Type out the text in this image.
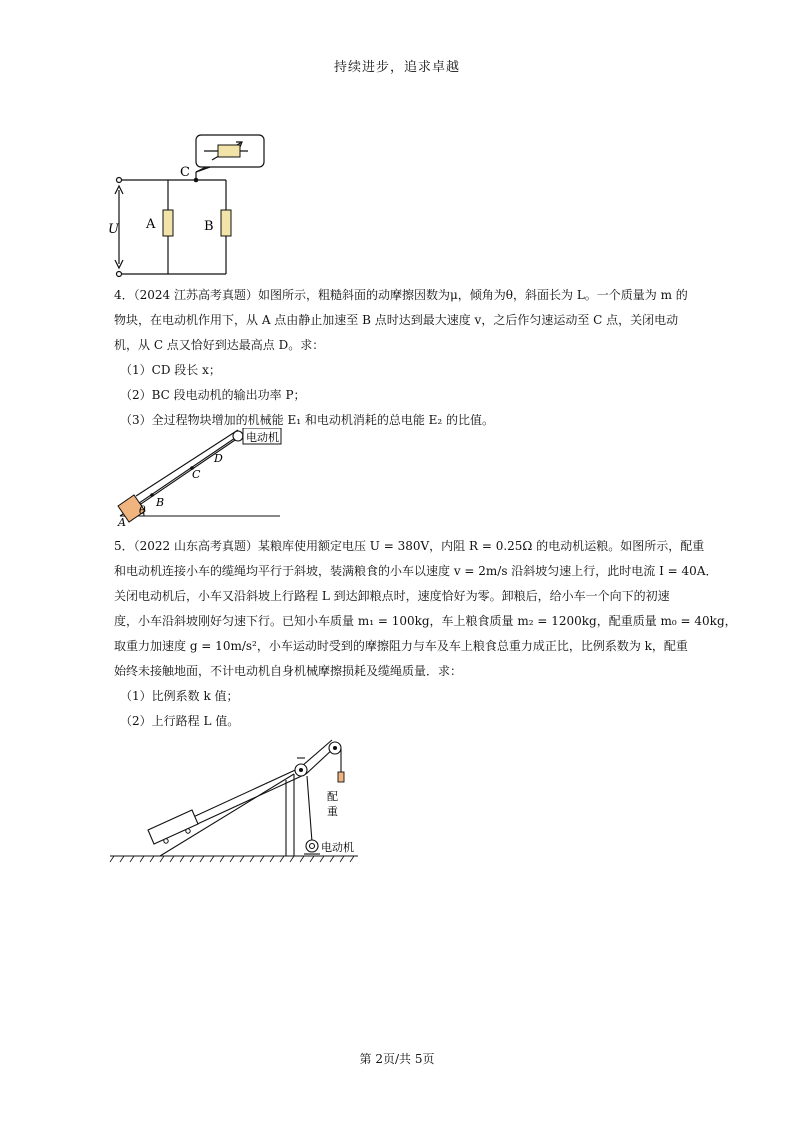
持续进步，追求卓越
C
A	B
U
4．（2024 江苏高考真题）如图所示，粗糙斜面的动摩擦因数为μ，倾角为θ，斜面长为 L。一个质量为 m 的
物块，在电动机作用下，从 A 点由静止加速至 B 点时达到最大速度 v，之后作匀速运动至 C 点，关闭电动
机，从 C 点又恰好到达最高点 D。求：
（1）CD 段长 x；
（2）BC 段电动机的输出功率 P；
（3）全过程物块增加的机械能 E₁ 和电动机消耗的总电能 E₂ 的比值。
电动机
D
C
B
A
θ
5．（2022 山东高考真题）某粮库使用额定电压 U = 380V，内阻 R = 0.25Ω 的电动机运粮。如图所示，配重
和电动机连接小车的缆绳均平行于斜坡，装满粮食的小车以速度 v = 2m/s 沿斜坡匀速上行，此时电流 I = 40A．
关闭电动机后，小车又沿斜坡上行路程 L 到达卸粮点时，速度恰好为零。卸粮后，给小车一个向下的初速
度，小车沿斜坡刚好匀速下行。已知小车质量 m₁ = 100kg，车上粮食质量 m₂ = 1200kg，配重质量 m₀ = 40kg，
取重力加速度 g = 10m/s²，小车运动时受到的摩擦阻力与车及车上粮食总重力成正比，比例系数为 k，配重
始终未接触地面，不计电动机自身机械摩擦损耗及缆绳质量．求：
（1）比例系数 k 值；
（2）上行路程 L 值。
配
重
电动机
第 2页/共 5页
